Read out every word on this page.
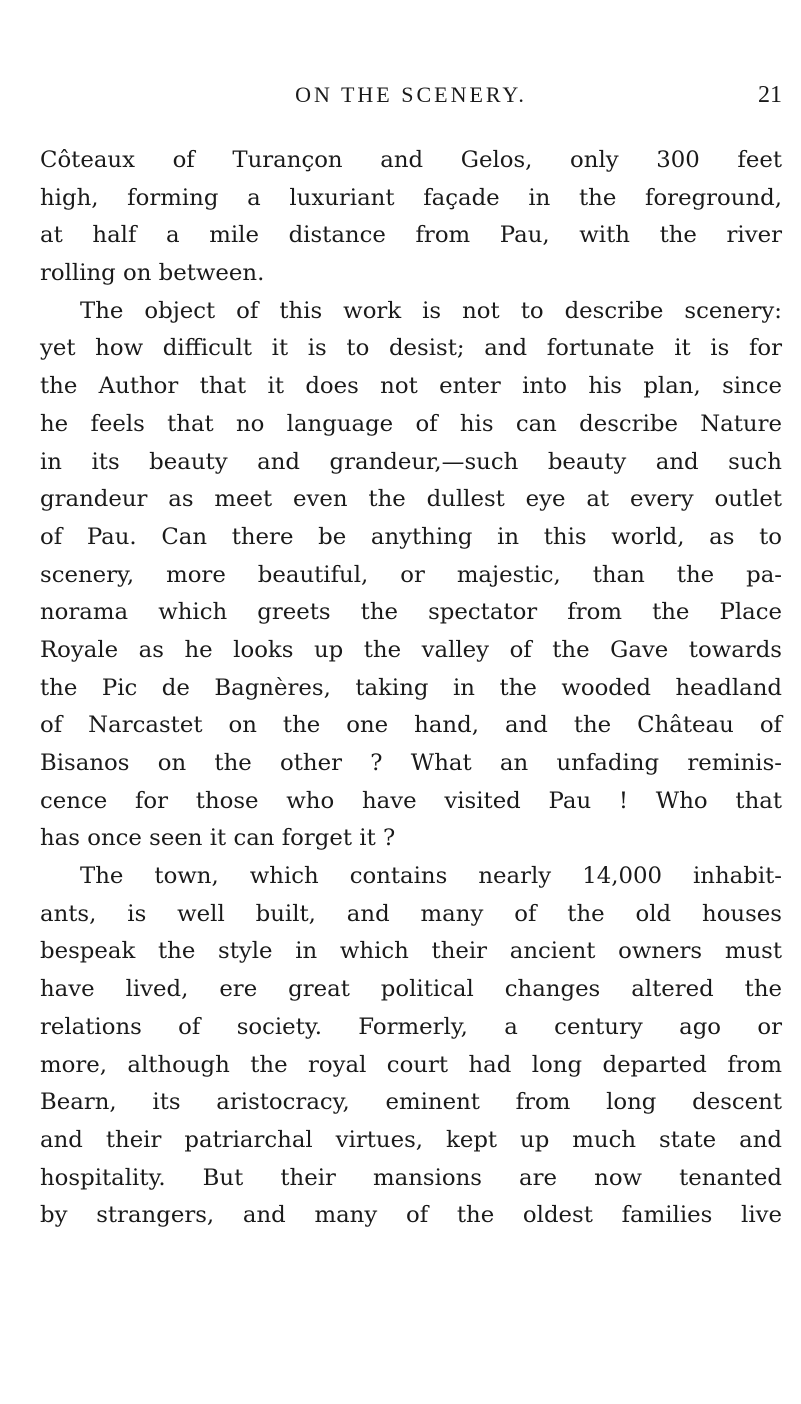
ON THE SCENERY.	21
Côteaux of Turançon and Gelos, only 300 feet
high, forming a luxuriant façade in the foreground,
at half a mile distance from Pau, with the river
rolling on between.
The object of this work is not to describe scenery:
yet how difficult it is to desist; and fortunate it is for
the Author that it does not enter into his plan, since
he feels that no language of his can describe Nature
in its beauty and grandeur,—such beauty and such
grandeur as meet even the dullest eye at every outlet
of Pau. Can there be anything in this world, as to
scenery, more beautiful, or majestic, than the pa-
norama which greets the spectator from the Place
Royale as he looks up the valley of the Gave towards
the Pic de Bagnères, taking in the wooded headland
of Narcastet on the one hand, and the Château of
Bisanos on the other ? What an unfading reminis-
cence for those who have visited Pau ! Who that
has once seen it can forget it ?
The town, which contains nearly 14,000 inhabit-
ants, is well built, and many of the old houses
bespeak the style in which their ancient owners must
have lived, ere great political changes altered the
relations of society. Formerly, a century ago or
more, although the royal court had long departed from
Bearn, its aristocracy, eminent from long descent
and their patriarchal virtues, kept up much state and
hospitality. But their mansions are now tenanted
by strangers, and many of the oldest families live
